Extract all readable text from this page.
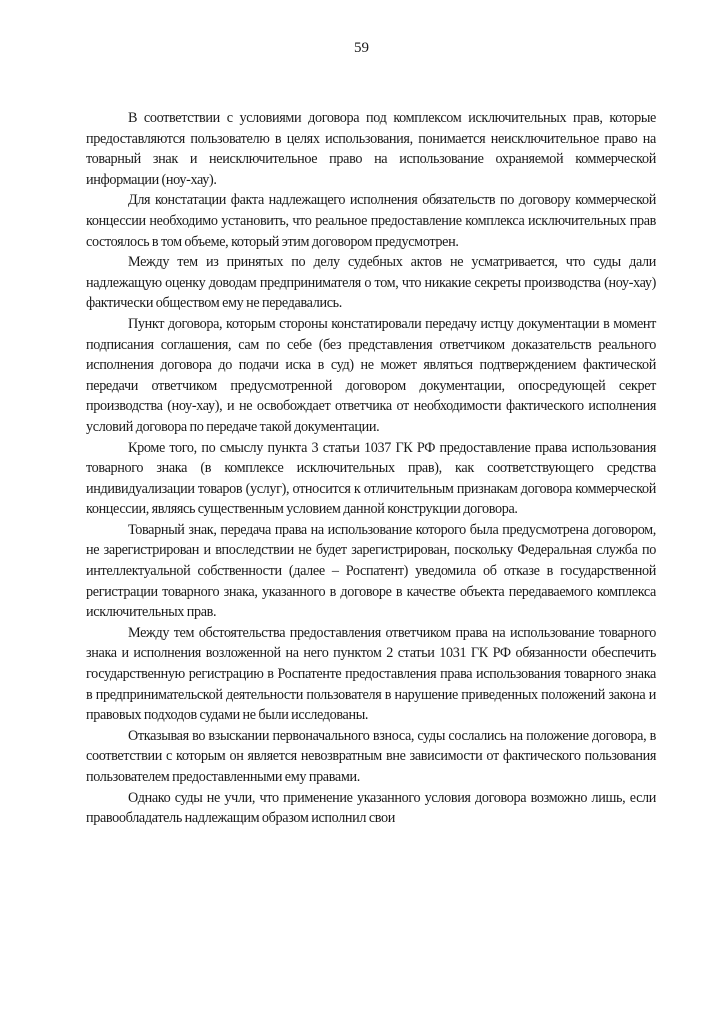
59

В соответствии с условиями договора под комплексом исключительных прав, которые предоставляются пользователю в целях использования, понимается неисключительное право на товарный знак и неисключительное право на использование охраняемой коммерческой информации (ноу-хау).

Для констатации факта надлежащего исполнения обязательств по договору коммерческой концессии необходимо установить, что реальное предоставление комплекса исключительных прав состоялось в том объеме, который этим договором предусмотрен.

Между тем из принятых по делу судебных актов не усматривается, что суды дали надлежащую оценку доводам предпринимателя о том, что никакие секреты производства (ноу-хау) фактически обществом ему не передавались.

Пункт договора, которым стороны констатировали передачу истцу документации в момент подписания соглашения, сам по себе (без представления ответчиком доказательств реального исполнения договора до подачи иска в суд) не может являться подтверждением фактической передачи ответчиком предусмотренной договором документации, опосредующей секрет производства (ноу-хау), и не освобождает ответчика от необходимости фактического исполнения условий договора по передаче такой документации.

Кроме того, по смыслу пункта 3 статьи 1037 ГК РФ предоставление права использования товарного знака (в комплексе исключительных прав), как соответствующего средства индивидуализации товаров (услуг), относится к отличительным признакам договора коммерческой концессии, являясь существенным условием данной конструкции договора.

Товарный знак, передача права на использование которого была предусмотрена договором, не зарегистрирован и впоследствии не будет зарегистрирован, поскольку Федеральная служба по интеллектуальной собственности (далее – Роспатент) уведомила об отказе в государственной регистрации товарного знака, указанного в договоре в качестве объекта передаваемого комплекса исключительных прав.

Между тем обстоятельства предоставления ответчиком права на использование товарного знака и исполнения возложенной на него пунктом 2 статьи 1031 ГК РФ обязанности обеспечить государственную регистрацию в Роспатенте предоставления права использования товарного знака в предпринимательской деятельности пользователя в нарушение приведенных положений закона и правовых подходов судами не были исследованы.

Отказывая во взыскании первоначального взноса, суды сослались на положение договора, в соответствии с которым он является невозвратным вне зависимости от фактического пользования пользователем предоставленными ему правами.

Однако суды не учли, что применение указанного условия договора возможно лишь, если правообладатель надлежащим образом исполнил свои
